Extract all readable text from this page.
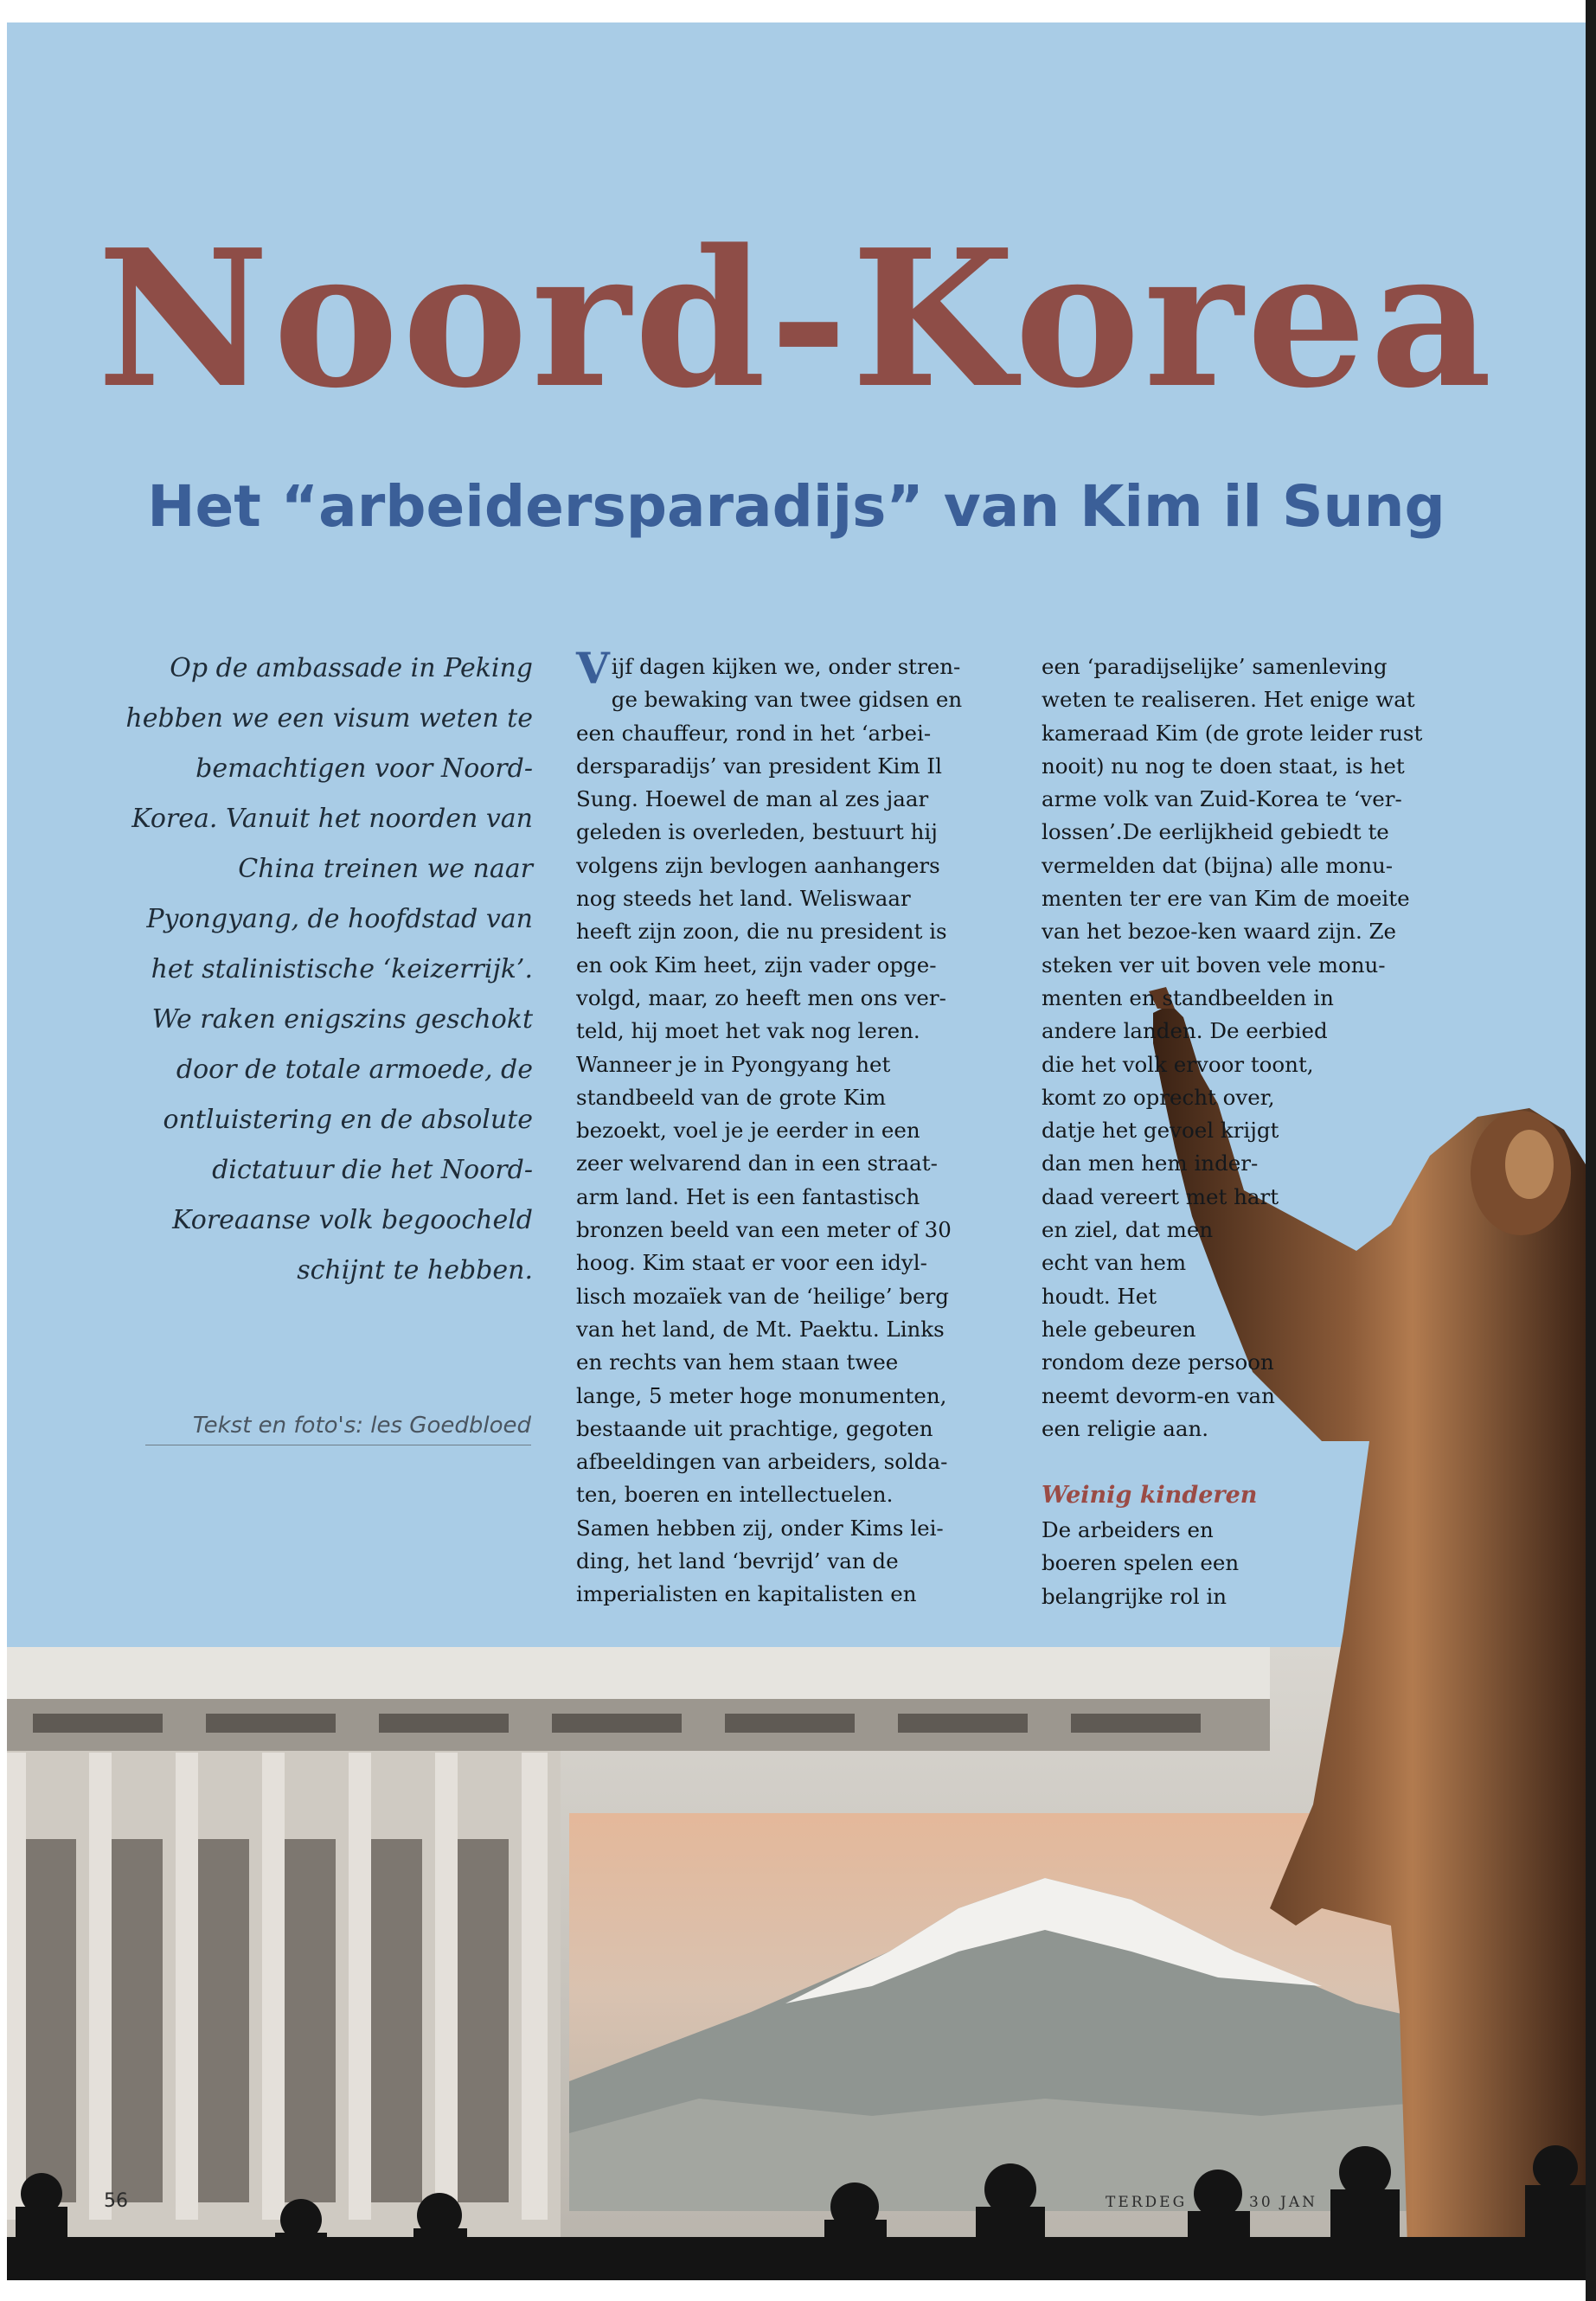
Noord-Korea
Het “arbeidersparadijs” van Kim il Sung

Op de ambassade in Peking hebben we een visum weten te bemachtigen voor Noord-Korea. Vanuit het noorden van China treinen we naar Pyongyang, de hoofdstad van het stalinistische ‘keizerrijk’. We raken enigszins geschokt door de totale armoede, de ontluistering en de absolute dictatuur die het Noord-Koreaanse volk begoocheld schijnt te hebben.

Tekst en foto's: les Goedbloed
V ijf dagen kijken we, onder stren-
ge bewaking van twee gidsen en
een chauffeur, rond in het ‘arbei-
dersparadijs’ van president Kim Il
Sung. Hoewel de man al zes jaar
geleden is overleden, bestuurt hij
volgens zijn bevlogen aanhangers
nog steeds het land. Weliswaar
heeft zijn zoon, die nu president is
en ook Kim heet, zijn vader opge-
volgd, maar, zo heeft men ons ver-
teld, hij moet het vak nog leren.
Wanneer je in Pyongyang het
standbeeld van de grote Kim
bezoekt, voel je je eerder in een
zeer welvarend dan in een straat-
arm land. Het is een fantastisch
bronzen beeld van een meter of 30
hoog. Kim staat er voor een idyl-
lisch mozaïek van de ‘heilige’ berg
van het land, de Mt. Paektu. Links
en rechts van hem staan twee
lange, 5 meter hoge monumenten,
bestaande uit prachtige, gegoten
afbeeldingen van arbeiders, solda-
ten, boeren en intellectuelen.
Samen hebben zij, onder Kims lei-
ding, het land ‘bevrijd’ van de
imperialisten en kapitalisten en
een ‘paradijselijke’ samenleving
weten te realiseren. Het enige wat
kameraad Kim (de grote leider rust
nooit) nu nog te doen staat, is het
arme volk van Zuid-Korea te ‘ver-
lossen’.De eerlijkheid gebiedt te
vermelden dat (bijna) alle monu-
menten ter ere van Kim de moeite
van het bezoe-ken waard zijn. Ze
steken ver uit boven vele monu-
menten en standbeelden in
andere landen. De eerbied
die het volk ervoor toont,
komt zo oprecht over,
datje het gevoel krijgt
dan men hem inder-
daad vereert met hart
en ziel, dat men
echt van hem
houdt. Het
hele gebeuren
rondom deze persoon
neemt devorm-en van
een religie aan.
Weinig kinderen
De arbeiders en
boeren spelen een
belangrijke rol in
56	TERDEG	30 JAN
